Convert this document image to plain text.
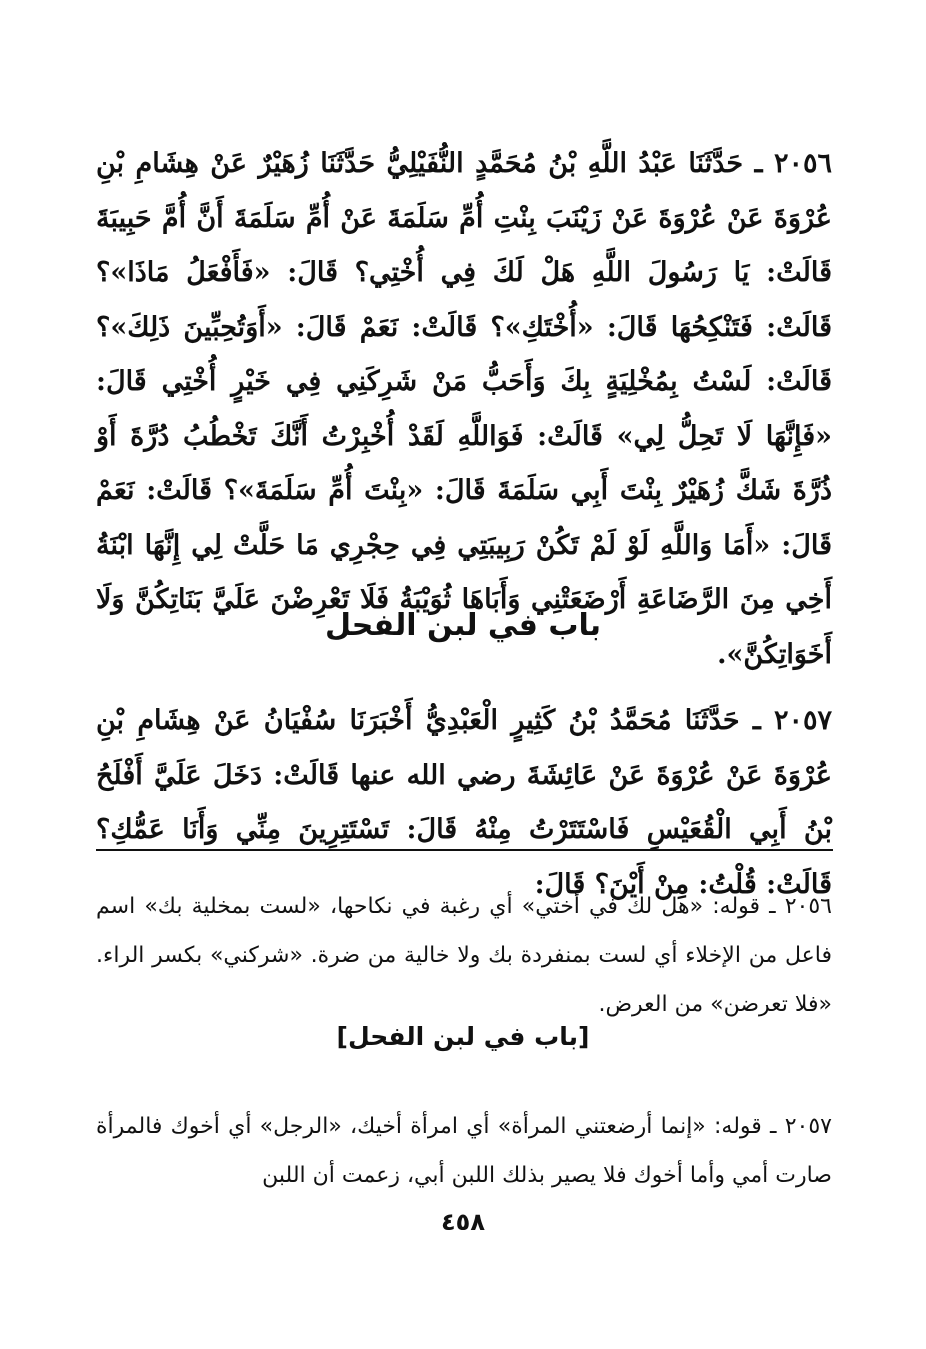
٢٠٥٦ ـ حَدَّثَنَا عَبْدُ اللَّهِ بْنُ مُحَمَّدٍ النُّفَيْلِيُّ حَدَّثَنَا زُهَيْرٌ عَنْ هِشَامِ بْنِ عُرْوَةَ عَنْ عُرْوَةَ عَنْ زَيْنَبَ بِنْتِ أُمِّ سَلَمَةَ عَنْ أُمِّ سَلَمَةَ أَنَّ أُمَّ حَبِيبَةَ قَالَتْ: يَا رَسُولَ اللَّهِ هَلْ لَكَ فِي أُخْتِي؟ قَالَ: «فَأَفْعَلُ مَاذَا»؟ قَالَتْ: فَتَنْكِحُهَا قَالَ: «أُخْتَكِ»؟ قَالَتْ: نَعَمْ قَالَ: «أَوَتُحِبِّينَ ذَلِكَ»؟ قَالَتْ: لَسْتُ بِمُخْلِيَةٍ بِكَ وَأَحَبُّ مَنْ شَرِكَنِي فِي خَيْرٍ أُخْتِي قَالَ: «فَإِنَّهَا لَا تَحِلُّ لِي» قَالَتْ: فَوَاللَّهِ لَقَدْ أُخْبِرْتُ أَنَّكَ تَخْطُبُ دُرَّةَ أَوْ ذُرَّةَ شَكَّ زُهَيْرٌ بِنْتَ أَبِي سَلَمَةَ قَالَ: «بِنْتَ أُمِّ سَلَمَةَ»؟ قَالَتْ: نَعَمْ قَالَ: «أَمَا وَاللَّهِ لَوْ لَمْ تَكُنْ رَبِيبَتِي فِي حِجْرِي مَا حَلَّتْ لِي إِنَّهَا ابْنَةُ أَخِي مِنَ الرَّضَاعَةِ أَرْضَعَتْنِي وَأَبَاهَا ثُوَيْبَةُ فَلَا تَعْرِضْنَ عَلَيَّ بَنَاتِكُنَّ وَلَا أَخَوَاتِكُنَّ».

باب في لبن الفحل

٢٠٥٧ ـ حَدَّثَنَا مُحَمَّدُ بْنُ كَثِيرٍ الْعَبْدِيُّ أَخْبَرَنَا سُفْيَانُ عَنْ هِشَامِ بْنِ عُرْوَةَ عَنْ عُرْوَةَ عَنْ عَائِشَةَ رضي الله عنها قَالَتْ: دَخَلَ عَلَيَّ أَفْلَحُ بْنُ أَبِي الْقُعَيْسِ فَاسْتَتَرْتُ مِنْهُ قَالَ: تَسْتَتِرِينَ مِنِّي وَأَنَا عَمُّكِ؟ قَالَتْ: قُلْتُ: مِنْ أَيْنَ؟ قَالَ:

٢٠٥٦ ـ قوله: «هل لك في أختي» أي رغبة في نكاحها، «لست بمخلية بك» اسم فاعل من الإخلاء أي لست بمنفردة بك ولا خالية من ضرة. «شركني» بكسر الراء. «فلا تعرضن» من العرض.

[باب في لبن الفحل]

٢٠٥٧ ـ قوله: «إنما أرضعتني المرأة» أي امرأة أخيك، «الرجل» أي أخوك فالمرأة صارت أمي وأما أخوك فلا يصير بذلك اللبن أبي، زعمت أن اللبن

٤٥٨
